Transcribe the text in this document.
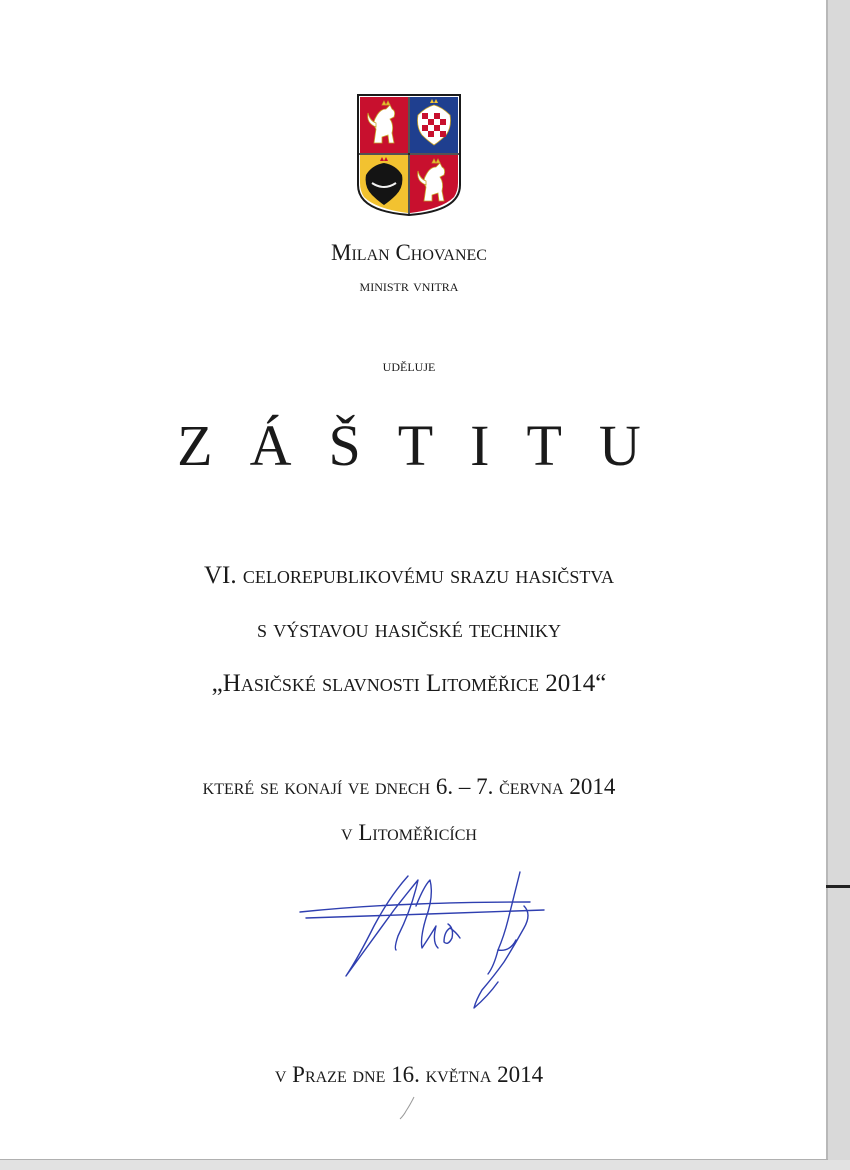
Milan Chovanec
ministr vnitra
uděluje
ZÁŠTITU
VI. celorepublikovému srazu hasičstva
s výstavou hasičské techniky
„Hasičské slavnosti Litoměřice 2014“
které se konají ve dnech 6. – 7. června 2014
v Litoměřicích
v Praze dne 16. května 2014
